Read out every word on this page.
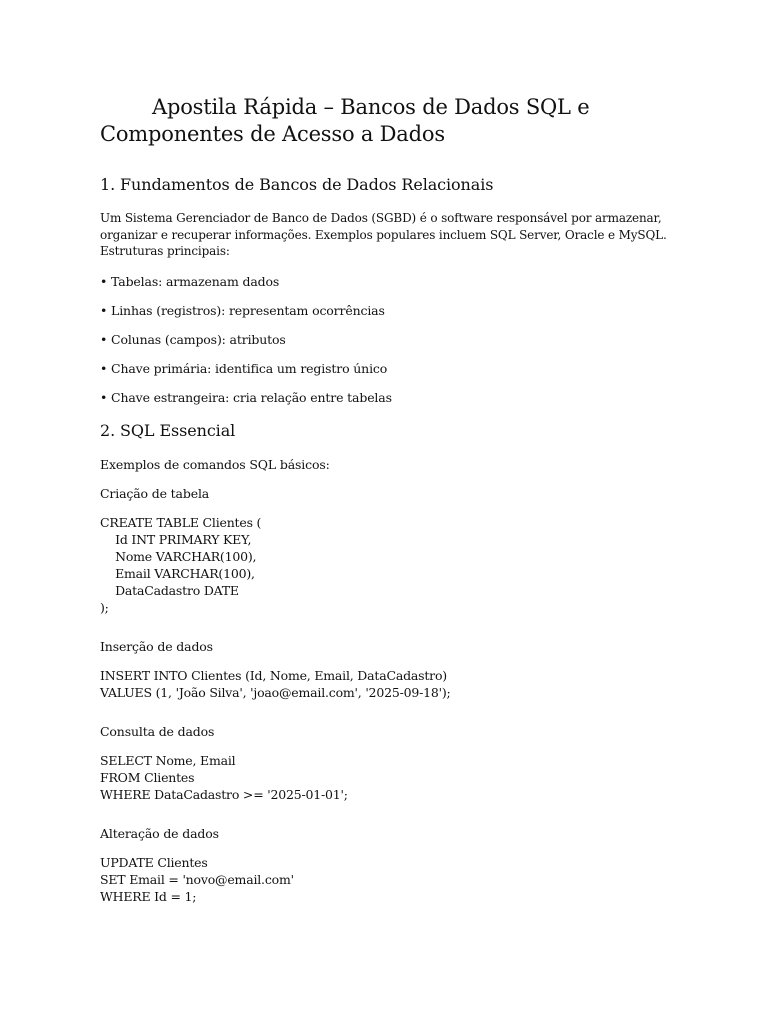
Apostila Rápida – Bancos de Dados SQL e Componentes de Acesso a Dados
1. Fundamentos de Bancos de Dados Relacionais

Um Sistema Gerenciador de Banco de Dados (SGBD) é o software responsável por armazenar, organizar e recuperar informações. Exemplos populares incluem SQL Server, Oracle e MySQL. Estruturas principais:

• Tabelas: armazenam dados

• Linhas (registros): representam ocorrências

• Colunas (campos): atributos

• Chave primária: identifica um registro único

• Chave estrangeira: cria relação entre tabelas

2. SQL Essencial

Exemplos de comandos SQL básicos:

Criação de tabela

CREATE TABLE Clientes (
Id INT PRIMARY KEY,
Nome VARCHAR(100),
Email VARCHAR(100),
DataCadastro DATE
);

Inserção de dados

INSERT INTO Clientes (Id, Nome, Email, DataCadastro)
VALUES (1, 'João Silva', 'joao@email.com', '2025-09-18');

Consulta de dados

SELECT Nome, Email
FROM Clientes
WHERE DataCadastro >= '2025-01-01';

Alteração de dados

UPDATE Clientes
SET Email = 'novo@email.com'
WHERE Id = 1;
